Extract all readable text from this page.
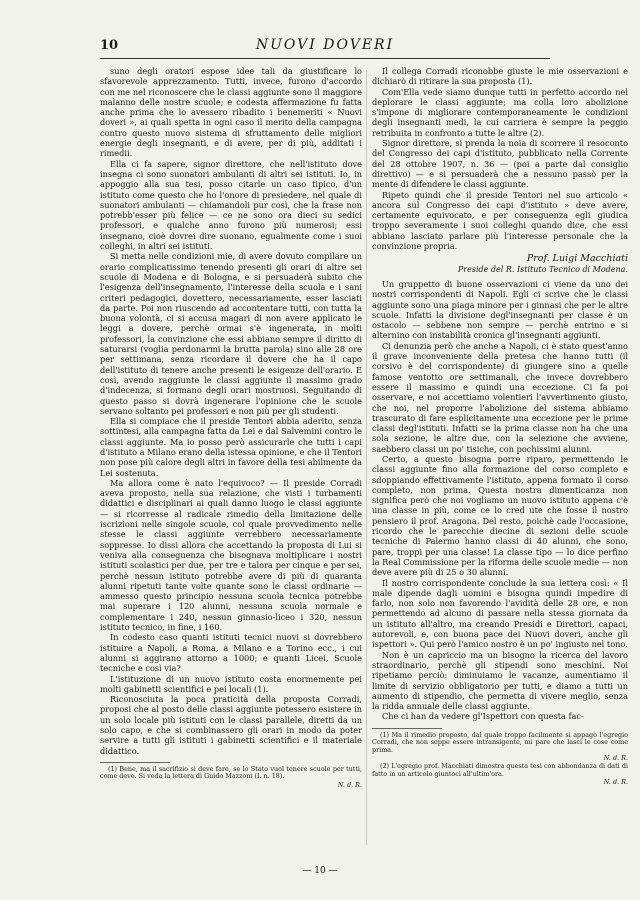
10	NUOVI DOVERI

suno degli oratori espose idee tali da giustificare lo sfavorevole apprezzamento. Tutti, invece, furono d'accordo con me nel riconoscere che le classi aggiunte sono il maggiore malanno delle nostre scuole; e codesta affermazione fu fatta anche prima che lo avessero ribadito i benemeriti « Nuovi doveri », ai quali spetta in ogni caso il merito della campagna contro questo nuovo sistema di sfruttamento delle migliori energie degli insegnanti, e di avere, per di più, additati i rimedii.

Ella ci fa sapere, signor direttore, che nell'istituto dove insegna ci sono suonatori ambulanti di altri sei istituti. Io, in appoggio alla sua tesi, posso citarle un caso tipico, d'un istituto come questo che ho l'onore di presiedere, nel quale di suonatori ambulanti — chiamandoli pur così, che la frase non potrebb'esser più felice — ce ne sono ora dieci su sedici professori, e qualche anno furono più numerosi; essi insegnano, cioè dovrei dire suonano, egualmente come i suoi colleghi, in altri sei istituti.

Si metta nelle condizioni mie, di avere dovuto compilare un orario complicatissimo tenendo presenti gli orari di altre sei scuole di Modena e di Bologna, e si persuaderà subito che l'esigenza dell'insegnamento, l'interesse della scuola e i sani criteri pedagogici, dovettero, necessariamente, esser lasciati da parte. Poi non riuscendo ad accontentare tutti, con tutta la buona volontà, ci si accusa magari di non avere applicato le leggi a dovere, perchè ormai s'è ingenerata, in molti professori, la convinzione che essi abbiano sempre il diritto di saturarsi (voglia perdonarmi la brutta parola) sino alle 28 ore per settimana, senza ricordare il dovere che ha il capo dell'istituto di tenere anche presenti le esigenze dell'orario. E così, avendo raggiunte le classi aggiunte il massimo grado d'indecenza, si formano degli orari mostruosi. Seguitando di questo passo si dovrà ingenerare l'opinione che le scuole servano soltanto pei professori e non più per gli studenti.

Ella si compiace che il preside Tentori abbia aderito, senza sottintesi, alla campagna fatta da Lei e dal Salvemini contro le classi aggiunte. Ma io posso però assicurarle che tutti i capi d'istituto a Milano erano della istessa opinione, e che il Tentori non pose più calore degli altri in favore della tesi abilmente da Lei sostenuta.

Ma allora come è nato l'equivoco? — Il preside Corradi aveva proposto, nella sua relazione, che visti i turbamenti didattici e disciplinari ai quali danno luogo le classi aggiunte — si ricorresse al radicale rimedio della limitazione delle iscrizioni nelle singole scuole, col quale provvedimento nelle stesse le classi aggiunte verrebbero necessariamente soppresse. Io dissi allora che accettando la proposta di Lui si veniva alla conseguenza che bisognava moltiplicare i nostri istituti scolastici per due, per tre e talora per cinque e per sei, perchè nessun istituto potrebbe avere di più di quaranta alunni ripetuti tante volte quante sono le classi ordinarie — ammesso questo principio nessuna scuola tecnica potrebbe mai superare i 120 alunni, nessuna scuola normale e complementare i 240, nessun ginnasio-liceo i 320, nessun istituto tecnico, in fine, i 160.

In codesto caso quanti istituti tecnici nuovi si dovrebbero istituire a Napoli, a Roma, a Milano e a Torino ecc., i cui alunni si aggirano attorno a 1000; e quanti Licei, Scuole tecniche e così via?

L'istituzione di un nuovo istituto costa enormemente pei molti gabinetti scientifici e pei locali (1).

Riconosciuta la poca praticità della proposta Corradi, proposi che al posto delle classi aggiunte potessero esistere in un solo locale più istituti con le classi parallele, diretti da un solo capo, e che si combinassero gli orari in modo da poter servire a tutti gli istituti i gabinetti scientifici e il materiale didattico.

(1) Bene, ma il sacrifizio si deve fare, se lo Stato vuol tenere scuole per tutti, come deve. Si veda la lettera di Guido Mazzoni (I. n. 18).

N. d. R.

Il collega Corradi riconobbe giuste le mie osservazioni e dichiarò di ritirare la sua proposta (1).

Com'Ella vede siamo dunque tutti in perfetto accordo nel deplorare le classi aggiunte; ma colla loro abolizione s'impone di migliorare contemporaneamente le condizioni degli insegnanti medi, la cui carriera è sempre la peggio retribuita in confronto a tutte le altre (2).

Signor direttore, si prenda la noia di scorrere il resoconto del Congresso dei capi d'istituto, pubblicato nella Corrente del 28 ottobre 1907, n. 36 — (poi a parte dal consiglio direttivo) — e si persuaderà che a nessuno passò per la mente di difendere le classi aggiunte.

Ripeto quindi che il preside Tentori nel suo articolo « ancora sul Congresso dei capi d'istituto » deve avere, certamente equivocato, e per conseguenza egli giudica troppo severamente i suoi colleghi quando dice, che essi abbiano lasciato parlare più l'interesse personale che la convinzione propria.

Prof. Luigi Macchiati
Preside del R. Istituto Tecnico di Modena.

Un gruppetto di buone osservazioni ci viene da uno dei nostri corrispondenti di Napoli. Egli ci scrive che le classi aggiunte sono una piaga minore per i ginnasi che per le altre scuole. Infatti la divisione degl'insegnanti per classe è un ostacolo — sebbene non sempre — perchè entrino e si alternino con instabilità cronica gl'insegnanti aggiunti.

Ci denunzia però che anche a Napoli, ci è stato quest'anno il grave inconveniente della pretesa che hanno tutti (il corsivo è del corrispondente) di giungere sino a quelle famose ventotto ore settimanali, che invece dovrebbero essere il massimo e quindi una eccezione. Ci fa poi osservare, e noi accettiamo volentieri l'avvertimento giusto, che noi, nel proporre l'abolizione del sistema abbiamo trascurato di fare esplicitamente una eccezione per le prime classi degl'istituti. Infatti se la prima classe non ha che una sola sezione, le altre due, con la selezione che avviene, saebbero classi un po' tisiche, con pochissimi alunni.

Certo, a questo bisogna porre riparo, permettendo le classi aggiunte fino alla formazione del corso completo e sdoppiando effettivamente l'istituto, appena formato il corso completo, non prima. Questa nostra dimenticanza non significa però che noi vogliamo un nuovo istituto appena c'è una classe in più, come ce lo cred ute che fosse il nostro pensiero il prof. Aragona. Del resto, poichè cade l'occasione, ricordo che le parecchie diecine di sezioni delle scuole tecniche di Palermo hanno classi di 40 alunni, che sono, pare, troppi per una classe! La classe tipo — lo dice perfino la Real Commissione per la riforma delle scuole medie — non deve avere più di 25 o 30 alunni.

Il nostro corrispondente conclude la sua lettera così: « Il male dipende dagli uomini e bisogna quindi impedire di farlo, non solo non favorendo l'avidità delle 28 ore, e non permettendo ad alcuno di passare nella stessa giornata da un istituto all'altro, ma creando Presidi e Direttori, capaci, autorevoli, e, con buona pace dei Nuovi doveri, anche gli ispettori ». Qui però l'amico nostro è un po' ingiusto nel tono.

Non è un capriccio ma un bisogno la ricerca del lavoro straordinario, perchè gli stipendi sono meschini. Noi ripetiamo perciò: diminuiamo le vacanze, aumentiamo il limite di servizio obbligatorio per tutti, e diamo a tutti un aumento di stipendio, che permetta di vivere meglio, senza la ridda annuale delle classi aggiunte.

Che ci han da vedere gl'Ispettori con questa fac-

(1) Ma il rimedio proposto, dal quale troppo facilmente si appagò l'egregio Corradi, che non seppe essere intransigente, mi pare che lasci le cose come prima.

N. d. R.

(2) L'egregio prof. Macchiati dimostra questa tesi con abbondanza di dati di fatto in un articolo giuntoci all'ultim'ora.

N. d. R.
— 10 —
